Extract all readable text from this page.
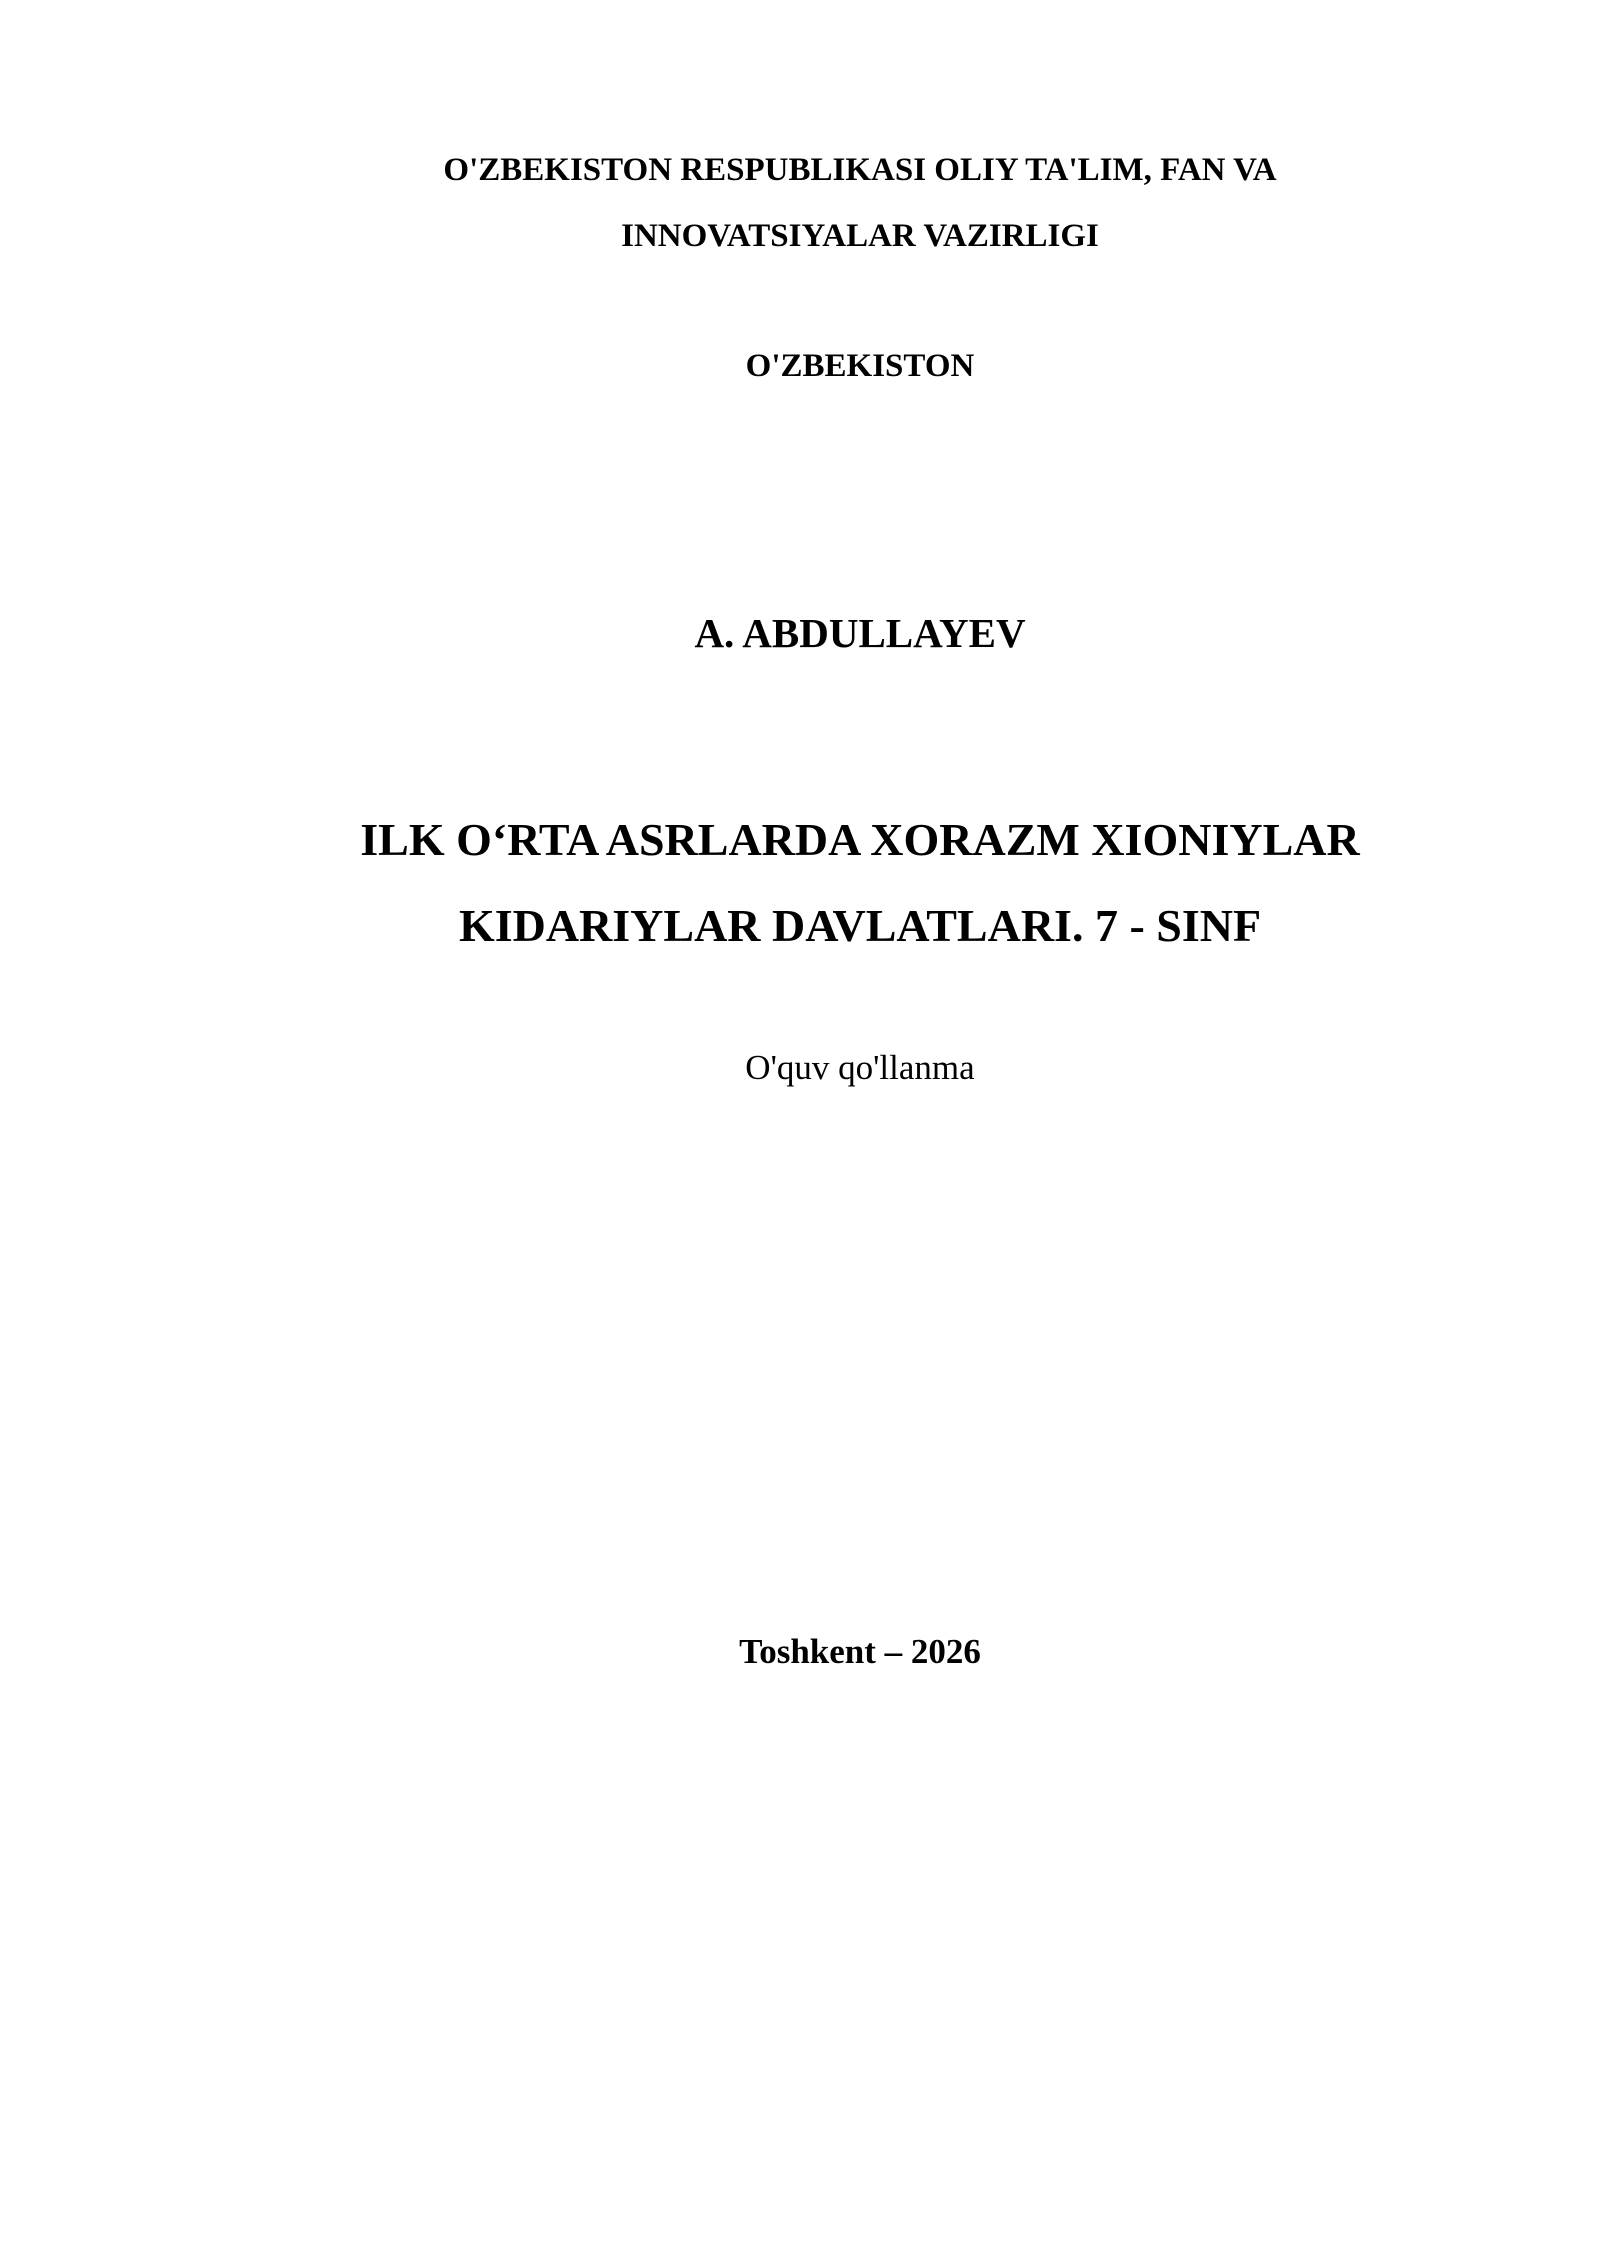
O'ZBEKISTON RESPUBLIKASI OLIY TA'LIM, FAN VA

INNOVATSIYALAR VAZIRLIGI

O'ZBEKISTON

A. ABDULLAYEV

ILK O‘RTA ASRLARDA XORAZM XIONIYLAR
KIDARIYLAR DAVLATLARI. 7 - SINF

O'quv qo'llanma

Toshkent – 2026
